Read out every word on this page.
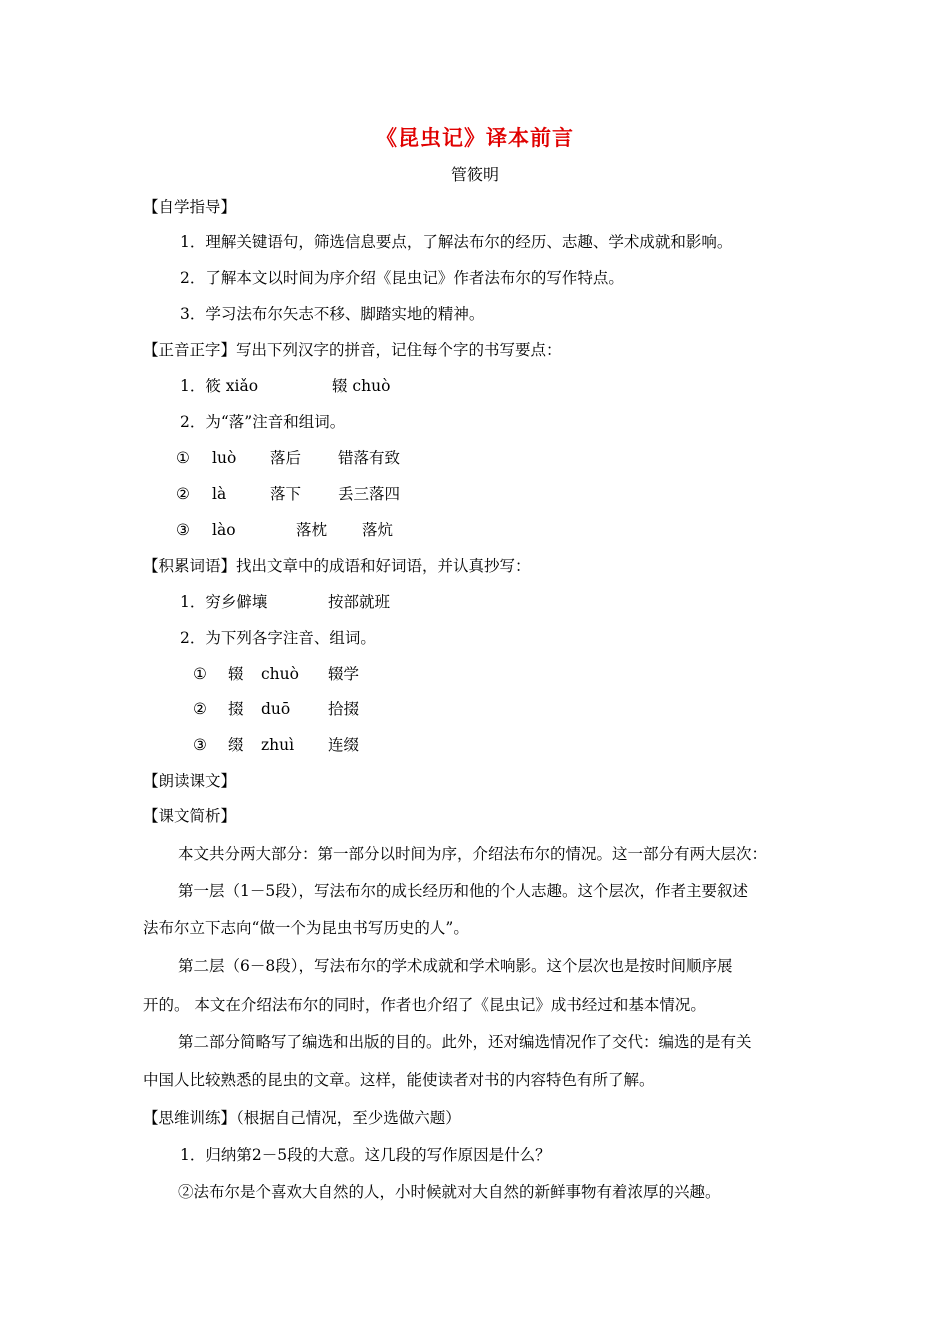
《昆虫记》译本前言
管筱明
【自学指导】
1．理解关键语句，筛选信息要点，了解法布尔的经历、志趣、学术成就和影响。
2．了解本文以时间为序介绍《昆虫记》作者法布尔的写作特点。
3．学习法布尔矢志不移、脚踏实地的精神。
【正音正字】写出下列汉字的拼音，记住每个字的书写要点：
1．筱 xiǎo	辍 chuò
2．为“落”注音和组词。
① luò 落后 错落有致
② là	落下 丢三落四
③ lào	落枕 落炕
【积累词语】找出文章中的成语和好词语，并认真抄写：
1．穷乡僻壤	按部就班
2．为下列各字注音、组词。
① 辍 chuò 辍学
② 掇 duō 拾掇
③ 缀 zhuì 连缀
【朗读课文】
【课文简析】
本文共分两大部分：第一部分以时间为序，介绍法布尔的情况。这一部分有两大层次：
第一层（1－5段），写法布尔的成长经历和他的个人志趣。这个层次，作者主要叙述
法布尔立下志向“做一个为昆虫书写历史的人”。
第二层（6－8段），写法布尔的学术成就和学术响影。这个层次也是按时间顺序展
开的。 本文在介绍法布尔的同时，作者也介绍了《昆虫记》成书经过和基本情况。
第二部分简略写了编选和出版的目的。此外，还对编选情况作了交代：编选的是有关
中国人比较熟悉的昆虫的文章。这样，能使读者对书的内容特色有所了解。
【思维训练】（根据自己情况，至少选做六题）
1．归纳第2－5段的大意。这几段的写作原因是什么？
②法布尔是个喜欢大自然的人，小时候就对大自然的新鲜事物有着浓厚的兴趣。
